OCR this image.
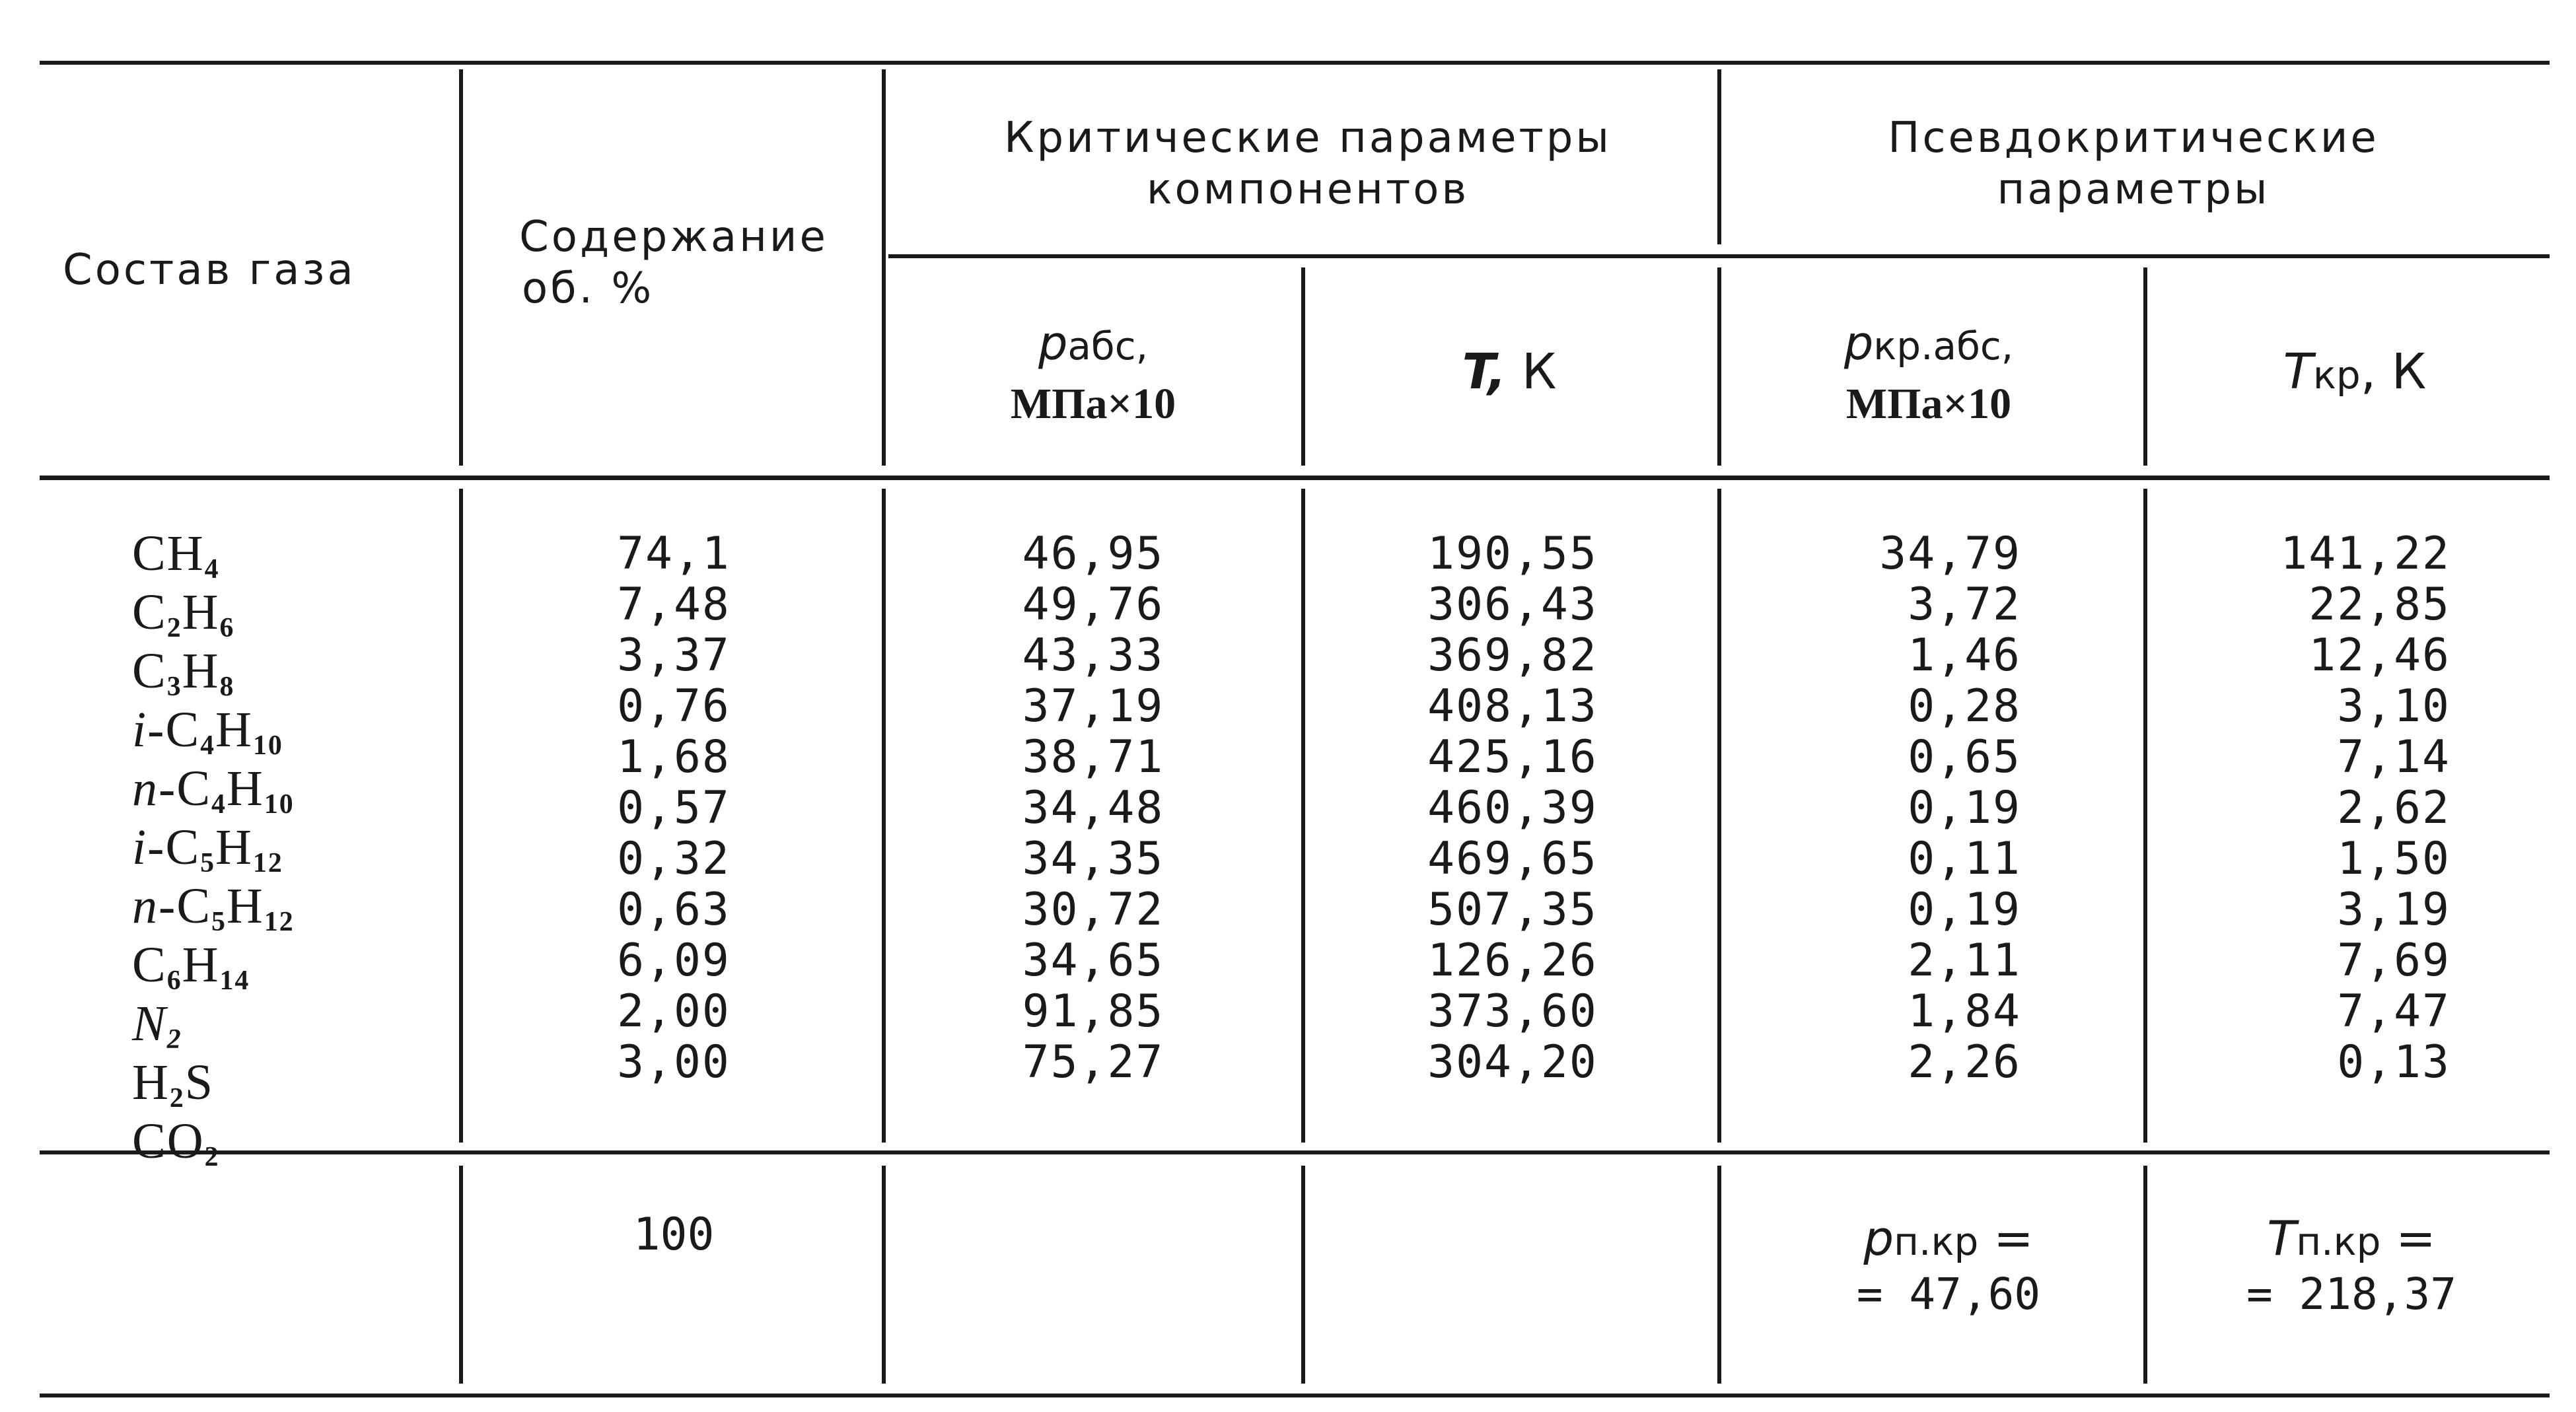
Состав газа
Содержание
об. %
Критические параметры
компонентов
Псевдокритические
параметры
pабс,
МПа×10
T, К	pкр.абс,
МПа×10
Tкр, К
CH4
C2H6
C3H8
i-C4H10
n-C4H10
i-C5H12
n-C5H12
C6H14
N2
H2S
CO2
74,1
7,48
3,37
0,76
1,68
0,57
0,32
0,63
6,09
2,00
3,00
46,95
49,76
43,33
37,19
38,71
34,48
34,35
30,72
34,65
91,85
75,27
190,55
306,43
369,82
408,13
425,16
460,39
469,65
507,35
126,26
373,60
304,20
34,79
3,72
1,46
0,28
0,65
0,19
0,11
0,19
2,11
1,84
2,26
141,22
22,85
12,46
3,10
7,14
2,62
1,50
3,19
7,69
7,47
0,13
100	pп.кр =
= 47,60
Tп.кр =
= 218,37
